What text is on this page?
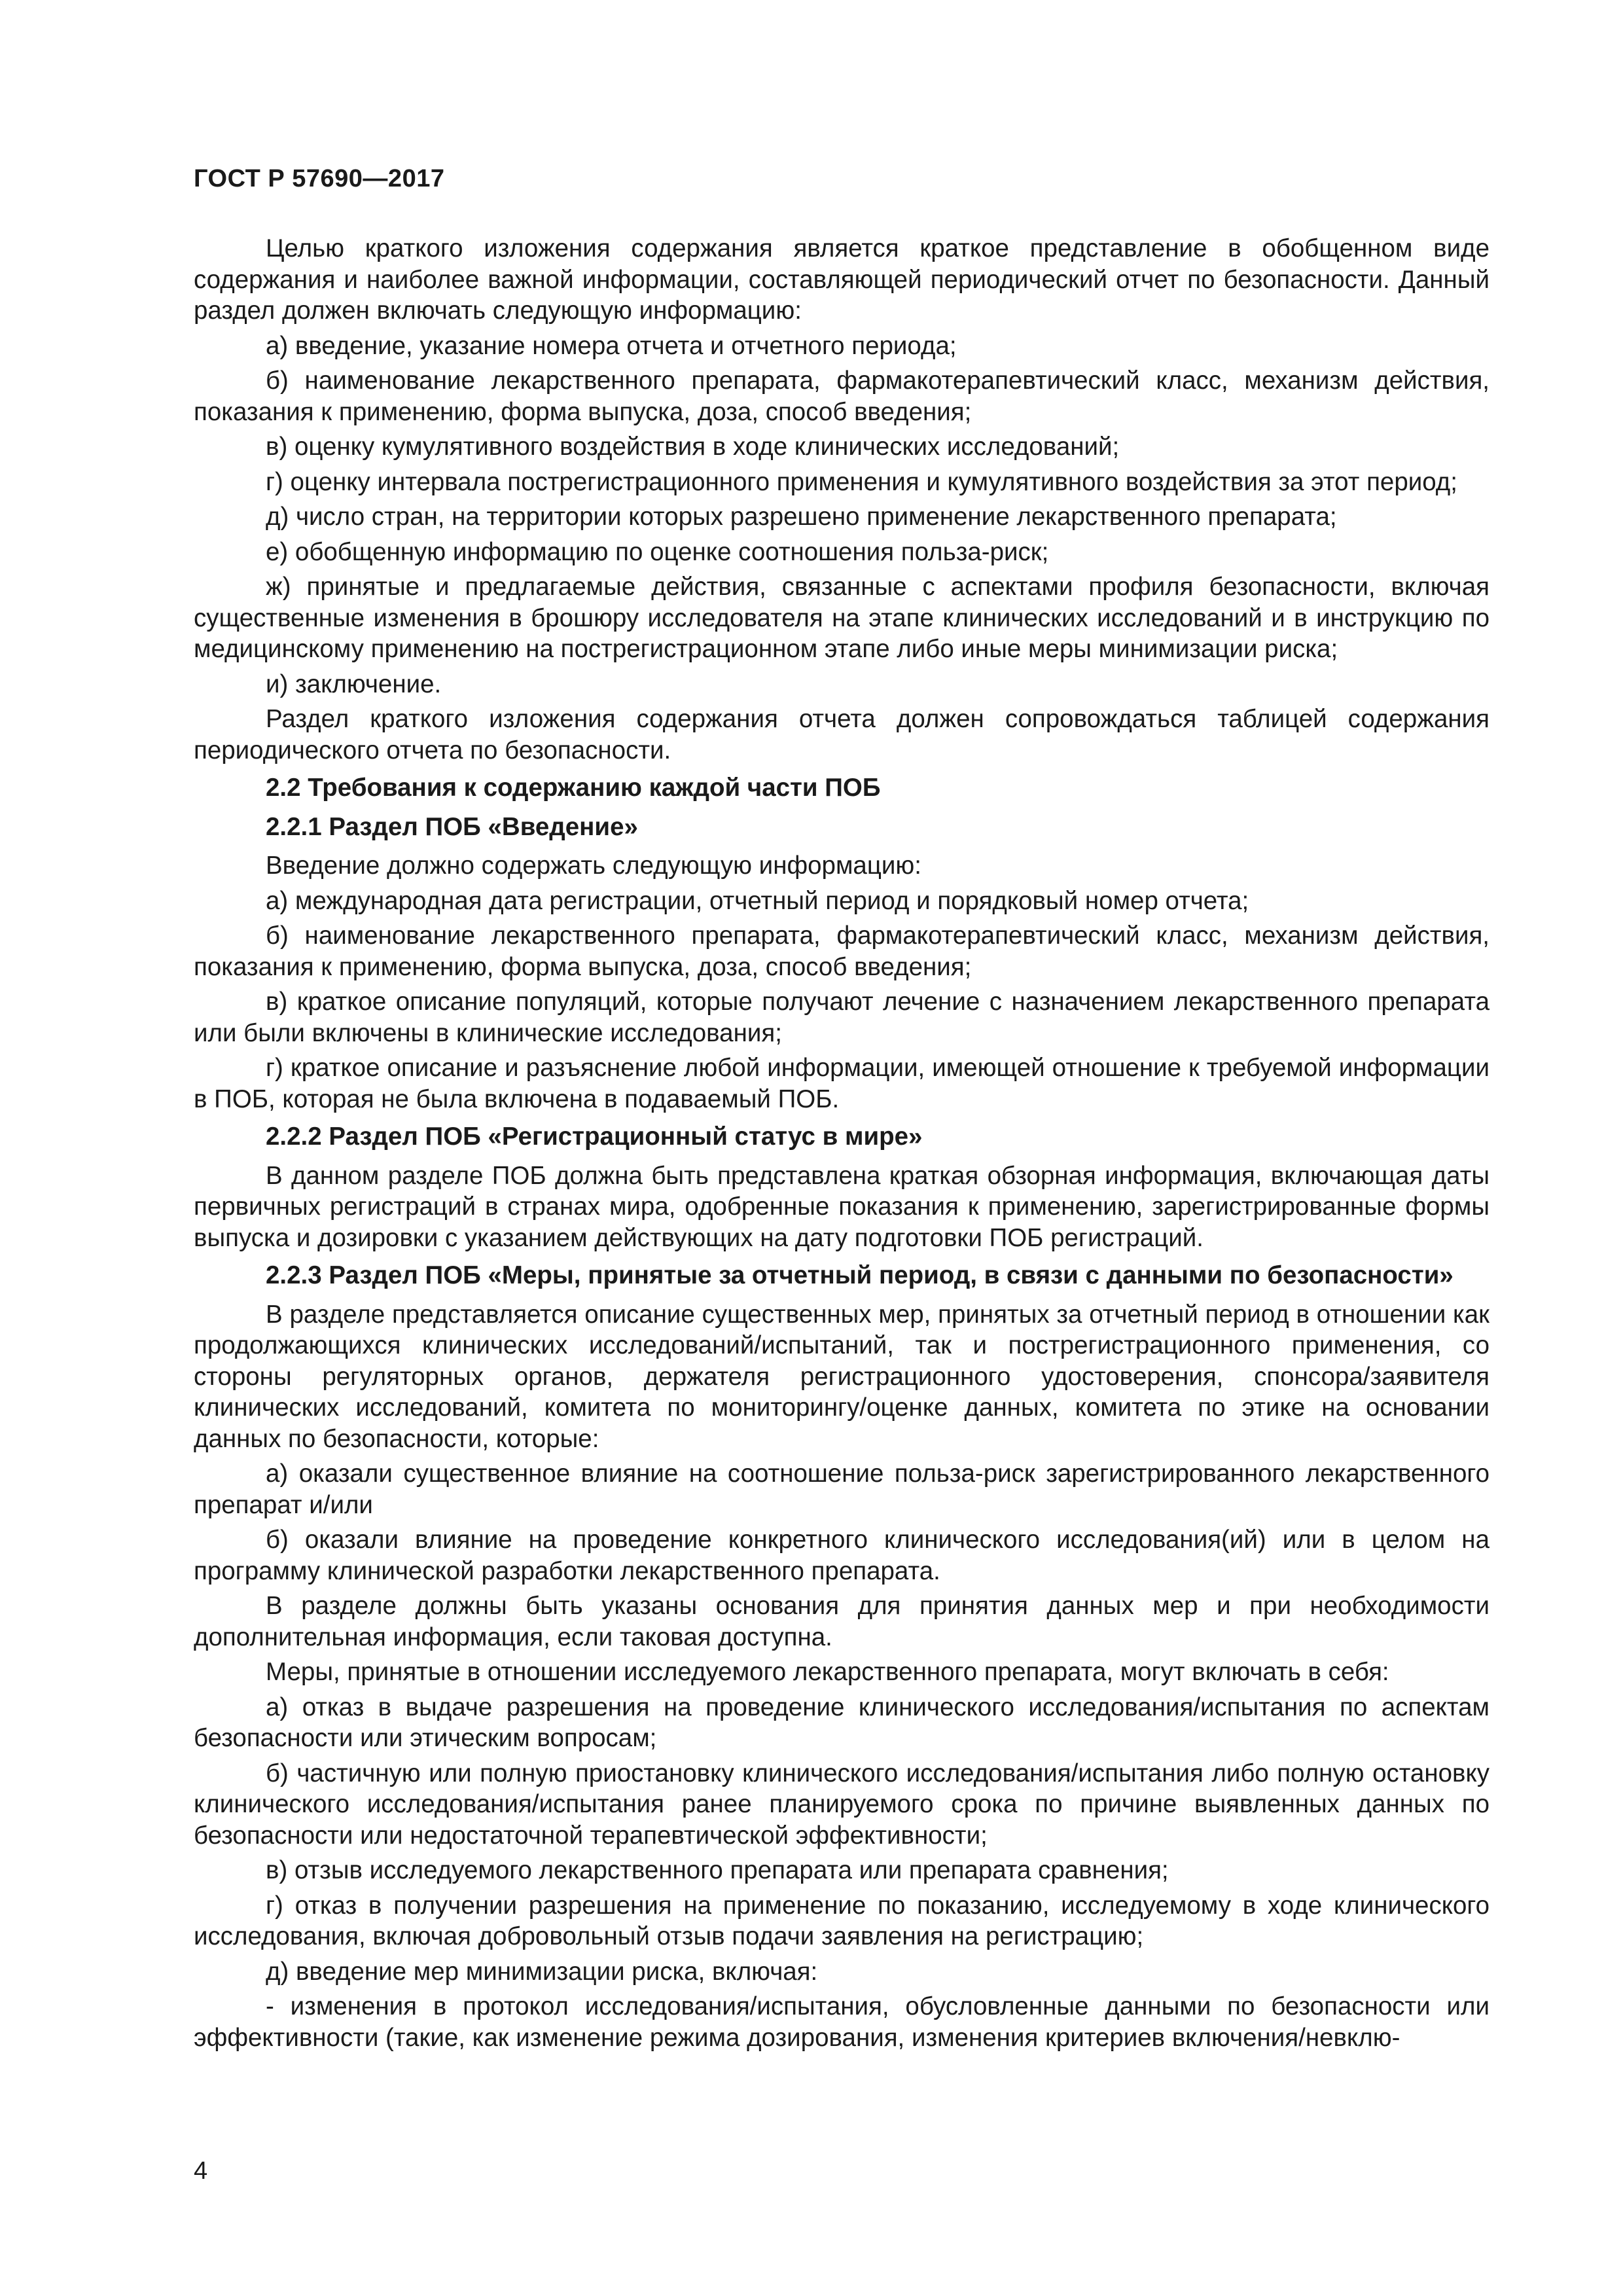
ГОСТ Р 57690—2017

Целью краткого изложения содержания является краткое представление в обобщенном виде содержания и наиболее важной информации, составляющей периодический отчет по безопасности. Данный раздел должен включать следующую информацию:

а) введение, указание номера отчета и отчетного периода;

б) наименование лекарственного препарата, фармакотерапевтический класс, механизм действия, показания к применению, форма выпуска, доза, способ введения;

в) оценку кумулятивного воздействия в ходе клинических исследований;

г) оценку интервала пострегистрационного применения и кумулятивного воздействия за этот период;

д) число стран, на территории которых разрешено применение лекарственного препарата;

е) обобщенную информацию по оценке соотношения польза-риск;

ж) принятые и предлагаемые действия, связанные с аспектами профиля безопасности, включая существенные изменения в брошюру исследователя на этапе клинических исследований и в инструкцию по медицинскому применению на пострегистрационном этапе либо иные меры минимизации риска;

и) заключение.

Раздел краткого изложения содержания отчета должен сопровождаться таблицей содержания периодического отчета по безопасности.

2.2 Требования к содержанию каждой части ПОБ

2.2.1 Раздел ПОБ «Введение»

Введение должно содержать следующую информацию:

а) международная дата регистрации, отчетный период и порядковый номер отчета;

б) наименование лекарственного препарата, фармакотерапевтический класс, механизм действия, показания к применению, форма выпуска, доза, способ введения;

в) краткое описание популяций, которые получают лечение с назначением лекарственного препарата или были включены в клинические исследования;

г) краткое описание и разъяснение любой информации, имеющей отношение к требуемой информации в ПОБ, которая не была включена в подаваемый ПОБ.

2.2.2 Раздел ПОБ «Регистрационный статус в мире»

В данном разделе ПОБ должна быть представлена краткая обзорная информация, включающая даты первичных регистраций в странах мира, одобренные показания к применению, зарегистрированные формы выпуска и дозировки с указанием действующих на дату подготовки ПОБ регистраций.

2.2.3 Раздел ПОБ «Меры, принятые за отчетный период, в связи с данными по безопасности»

В разделе представляется описание существенных мер, принятых за отчетный период в отношении как продолжающихся клинических исследований/испытаний, так и пострегистрационного применения, со стороны регуляторных органов, держателя регистрационного удостоверения, спонсора/заявителя клинических исследований, комитета по мониторингу/оценке данных, комитета по этике на основании данных по безопасности, которые:

а) оказали существенное влияние на соотношение польза-риск зарегистрированного лекарственного препарат и/или

б) оказали влияние на проведение конкретного клинического исследования(ий) или в целом на программу клинической разработки лекарственного препарата.

В разделе должны быть указаны основания для принятия данных мер и при необходимости дополнительная информация, если таковая доступна.

Меры, принятые в отношении исследуемого лекарственного препарата, могут включать в себя:

а) отказ в выдаче разрешения на проведение клинического исследования/испытания по аспектам безопасности или этическим вопросам;

б) частичную или полную приостановку клинического исследования/испытания либо полную остановку клинического исследования/испытания ранее планируемого срока по причине выявленных данных по безопасности или недостаточной терапевтической эффективности;

в) отзыв исследуемого лекарственного препарата или препарата сравнения;

г) отказ в получении разрешения на применение по показанию, исследуемому в ходе клинического исследования, включая добровольный отзыв подачи заявления на регистрацию;

д) введение мер минимизации риска, включая:

- изменения в протокол исследования/испытания, обусловленные данными по безопасности или эффективности (такие, как изменение режима дозирования, изменения критериев включения/невклю-

4
